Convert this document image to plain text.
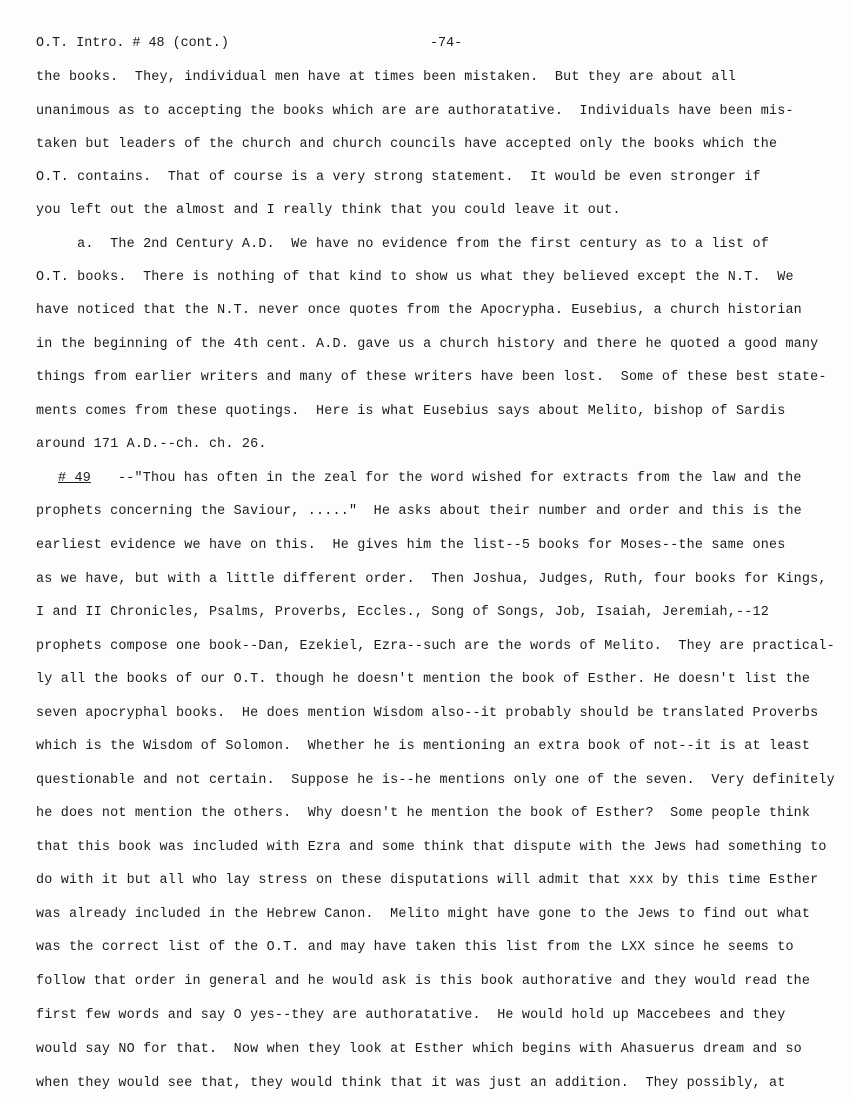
O.T. Intro. # 48 (cont.)	-74-
the books.  They, individual men have at times been mistaken.  But they are about all
unanimous as to accepting the books which are are authoratative.  Individuals have been mis-
taken but leaders of the church and church councils have accepted only the books which the
O.T. contains.  That of course is a very strong statement.  It would be even stronger if
you left out the almost and I really think that you could leave it out.
a.  The 2nd Century A.D.  We have no evidence from the first century as to a list of
O.T. books.  There is nothing of that kind to show us what they believed except the N.T.  We
have noticed that the N.T. never once quotes from the Apocrypha. Eusebius, a church historian
in the beginning of the 4th cent. A.D. gave us a church history and there he quoted a good many
things from earlier writers and many of these writers have been lost.  Some of these best state-
ments comes from these quotings.  Here is what Eusebius says about Melito, bishop of Sardis
around 171 A.D.--ch. ch. 26.
# 49 --"Thou has often in the zeal for the word wished for extracts from the law and the
prophets concerning the Saviour, ....."  He asks about their number and order and this is the
earliest evidence we have on this.  He gives him the list--5 books for Moses--the same ones
as we have, but with a little different order.  Then Joshua, Judges, Ruth, four books for Kings,
I and II Chronicles, Psalms, Proverbs, Eccles., Song of Songs, Job, Isaiah, Jeremiah,--12
prophets compose one book--Dan, Ezekiel, Ezra--such are the words of Melito.  They are practical-
ly all the books of our O.T. though he doesn't mention the book of Esther. He doesn't list the
seven apocryphal books.  He does mention Wisdom also--it probably should be translated Proverbs
which is the Wisdom of Solomon.  Whether he is mentioning an extra book of not--it is at least
questionable and not certain.  Suppose he is--he mentions only one of the seven.  Very definitely
he does not mention the others.  Why doesn't he mention the book of Esther?  Some people think
that this book was included with Ezra and some think that dispute with the Jews had something to
do with it but all who lay stress on these disputations will admit that xxx by this time Esther
was already included in the Hebrew Canon.  Melito might have gone to the Jews to find out what
was the correct list of the O.T. and may have taken this list from the LXX since he seems to
follow that order in general and he would ask is this book authorative and they would read the
first few words and say O yes--they are authoratative.  He would hold up Maccebees and they
would say NO for that.  Now when they look at Esther which begins with Ahasuerus dream and so
when they would see that, they would think that it was just an addition.  They possibly, at
